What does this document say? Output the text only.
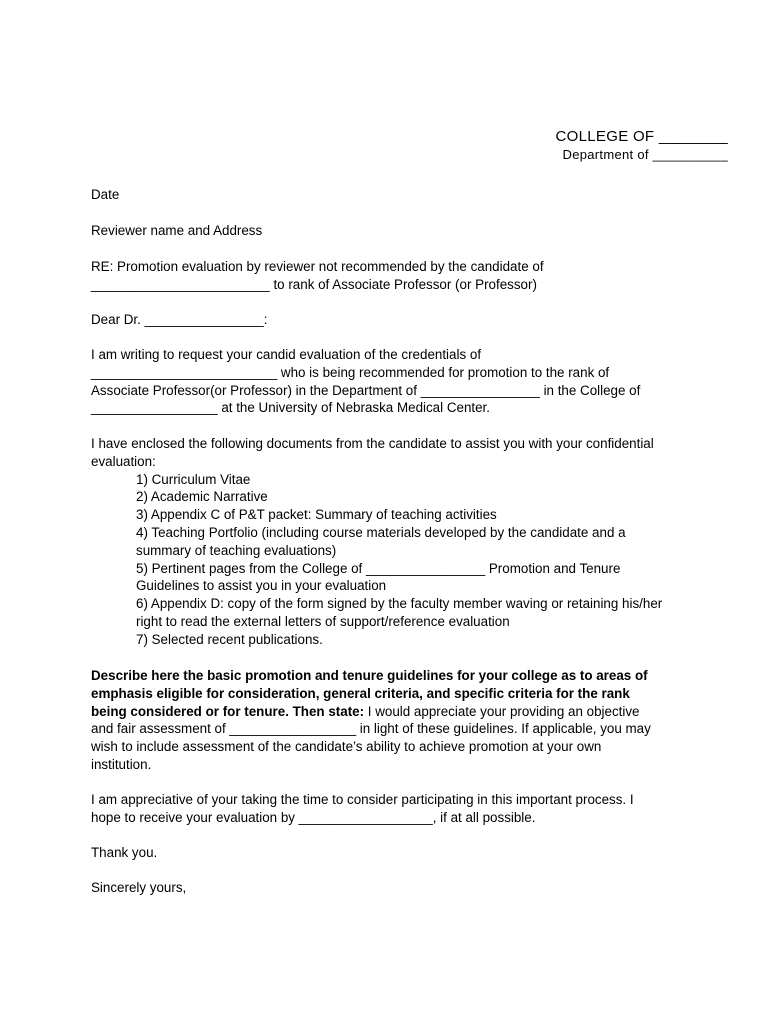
COLLEGE OF ________
Department of __________
Date
Reviewer name and Address
RE: Promotion evaluation by reviewer not recommended by the candidate of
________________________ to rank of Associate Professor (or Professor)
Dear Dr. ________________:
I am writing to request your candid evaluation of the credentials of
_________________________ who is being recommended for promotion to the rank of
Associate Professor(or Professor) in the Department of ________________ in the College of
_________________ at the University of Nebraska Medical Center.
I have enclosed the following documents from the candidate to assist you with your confidential
evaluation:
1) Curriculum Vitae
2) Academic Narrative
3) Appendix C of P&T packet: Summary of teaching activities
4) Teaching Portfolio (including course materials developed by the candidate and a
summary of teaching evaluations)
5) Pertinent pages from the College of ________________ Promotion and Tenure
Guidelines to assist you in your evaluation
6) Appendix D: copy of the form signed by the faculty member waving or retaining his/her
right to read the external letters of support/reference evaluation
7) Selected recent publications.
Describe here the basic promotion and tenure guidelines for your college as to areas of
emphasis eligible for consideration, general criteria, and specific criteria for the rank
being considered or for tenure. Then state: I would appreciate your providing an objective
and fair assessment of _________________ in light of these guidelines. If applicable, you may
wish to include assessment of the candidate’s ability to achieve promotion at your own
institution.
I am appreciative of your taking the time to consider participating in this important process. I
hope to receive your evaluation by __________________, if at all possible.
Thank you.
Sincerely yours,
